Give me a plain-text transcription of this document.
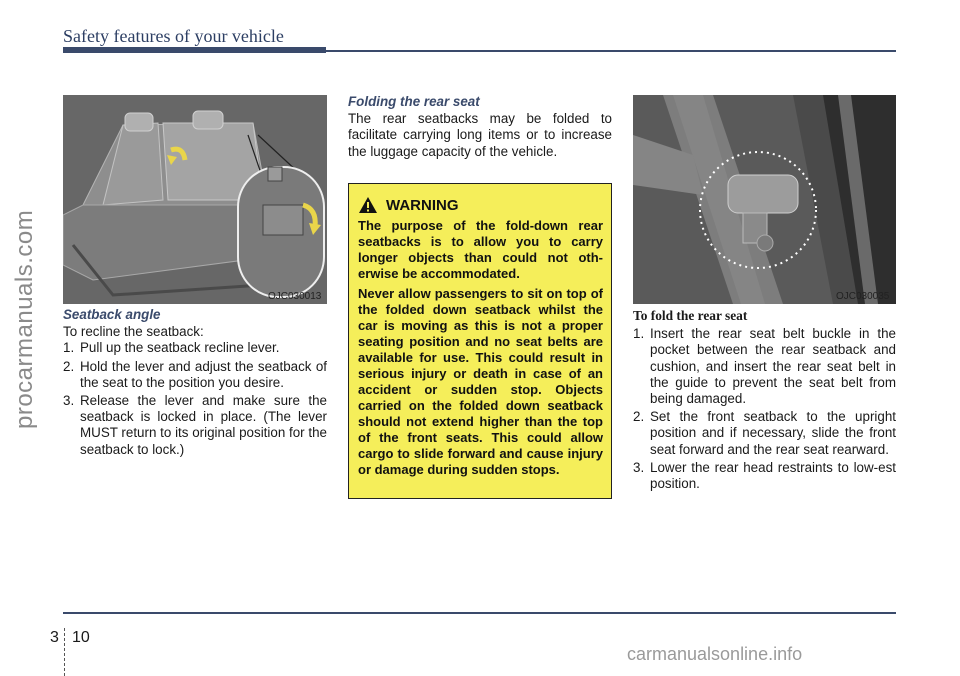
Safety features of your vehicle
procarmanuals.com	OJC030013
Seatback angle
To recline the seatback:
1. Pull up the seatback recline lever.
2. Hold the lever and adjust the seatback of the seat to the position you desire.
3. Release the lever and make sure the seatback is locked in place. (The lever MUST return to its original position for the seatback to lock.)
Folding the rear seat
The rear seatbacks may be folded to facilitate carrying long items or to increase the luggage capacity of the vehicle.
WARNING

The purpose of the fold-down rear seatbacks is to allow you to carry longer objects than could not oth-erwise be accommodated.

Never allow passengers to sit on top of the folded down seatback whilst the car is moving as this is not a proper seating position and no seat belts are available for use. This could result in serious injury or death in case of an accident or sudden stop. Objects carried on the folded down seatback should not extend higher than the top of the front seats. This could allow cargo to slide forward and cause injury or damage during sudden stops.

OJC030035
To fold the rear seat
1. Insert the rear seat belt buckle in the pocket between the rear seatback and cushion, and insert the rear seat belt in the guide to prevent the seat belt from being damaged.
2. Set the front seatback to the upright position and if necessary, slide the front seat forward and the rear seat rearward.
3. Lower the rear head restraints to low-est position.
3 10
carmanualsonline.info
